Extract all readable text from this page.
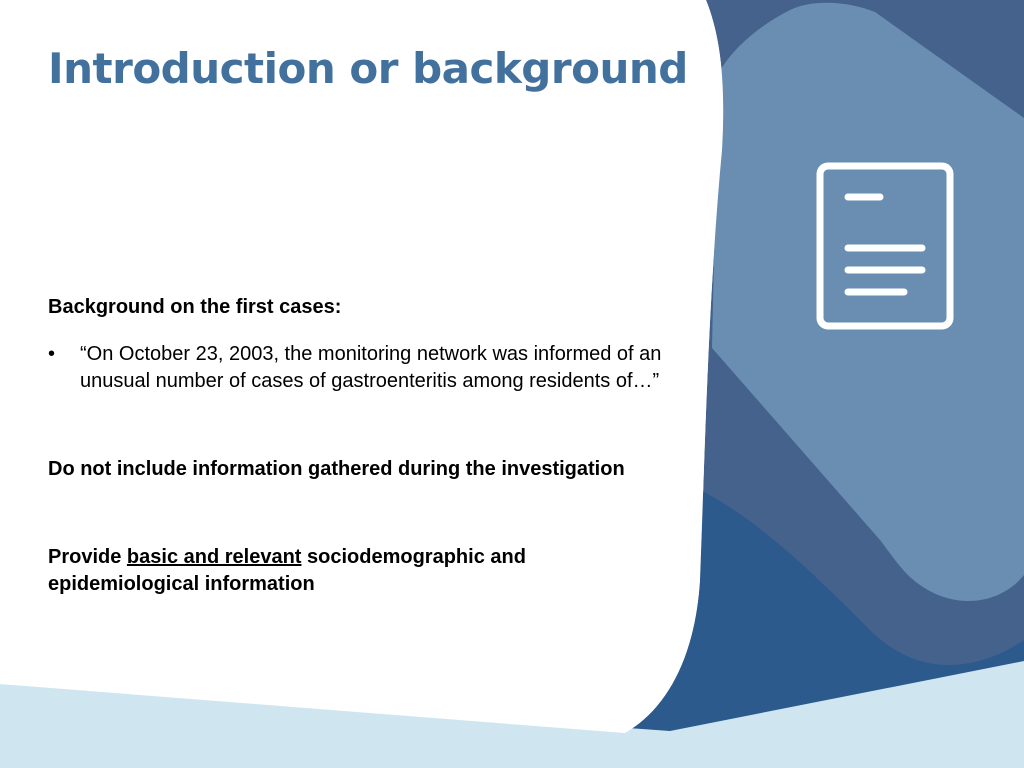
Introduction or background

Background on the first cases:

• “On October 23, 2003, the monitoring network was informed of an unusual number of cases of gastroenteritis among residents of…”

Do not include information gathered during the investigation

Provide basic and relevant sociodemographic and epidemiological information
